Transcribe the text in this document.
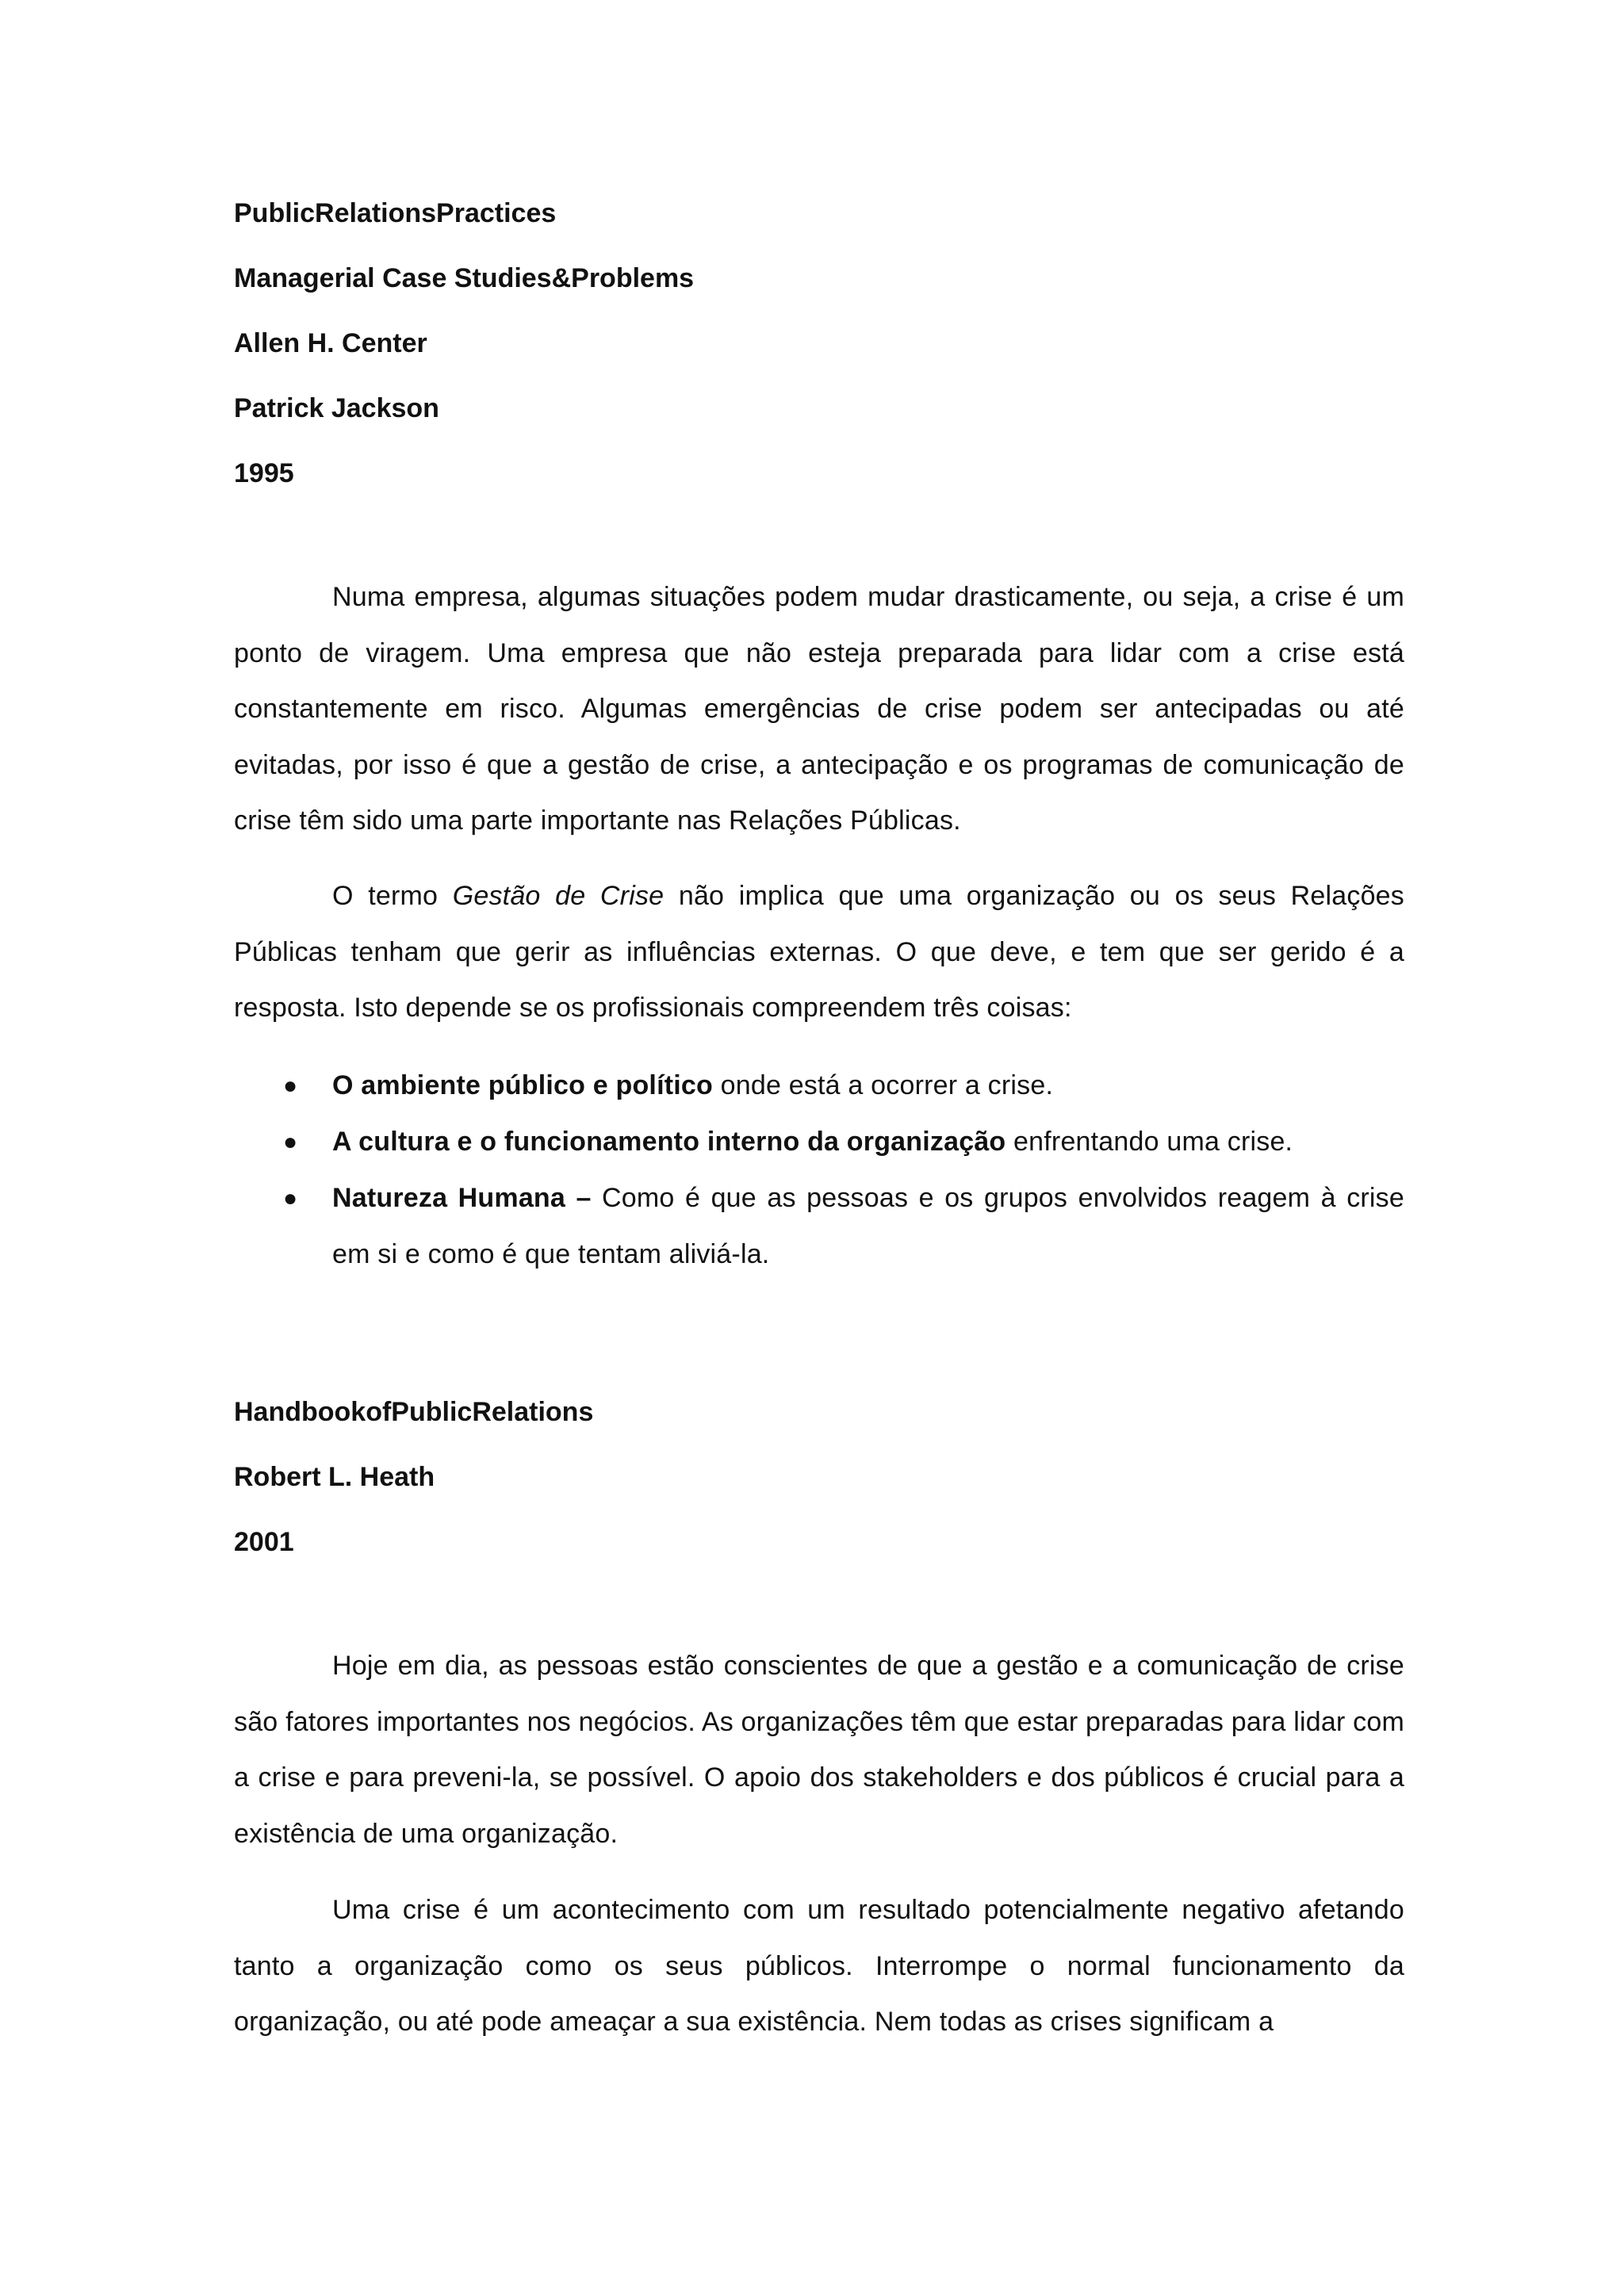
PublicRelationsPractices

Managerial Case Studies&Problems

Allen H. Center

Patrick Jackson

1995

Numa empresa, algumas situações podem mudar drasticamente, ou seja, a crise é um ponto de viragem. Uma empresa que não esteja preparada para lidar com a crise está constantemente em risco. Algumas emergências de crise podem ser antecipadas ou até evitadas, por isso é que a gestão de crise, a antecipação e os programas de comunicação de crise têm sido uma parte importante nas Relações Públicas.

O termo Gestão de Crise não implica que uma organização ou os seus Relações Públicas tenham que gerir as influências externas. O que deve, e tem que ser gerido é a resposta. Isto depende se os profissionais compreendem três coisas:

● O ambiente público e político onde está a ocorrer a crise.
● A cultura e o funcionamento interno da organização enfrentando uma crise.
● Natureza Humana – Como é que as pessoas e os grupos envolvidos reagem à crise em si e como é que tentam aliviá-la.

HandbookofPublicRelations

Robert L. Heath

2001

Hoje em dia, as pessoas estão conscientes de que a gestão e a comunicação de crise são fatores importantes nos negócios. As organizações têm que estar preparadas para lidar com a crise e para preveni-la, se possível. O apoio dos stakeholders e dos públicos é crucial para a existência de uma organização.

Uma crise é um acontecimento com um resultado potencialmente negativo afetando tanto a organização como os seus públicos. Interrompe o normal funcionamento da organização, ou até pode ameaçar a sua existência. Nem todas as crises significam a
